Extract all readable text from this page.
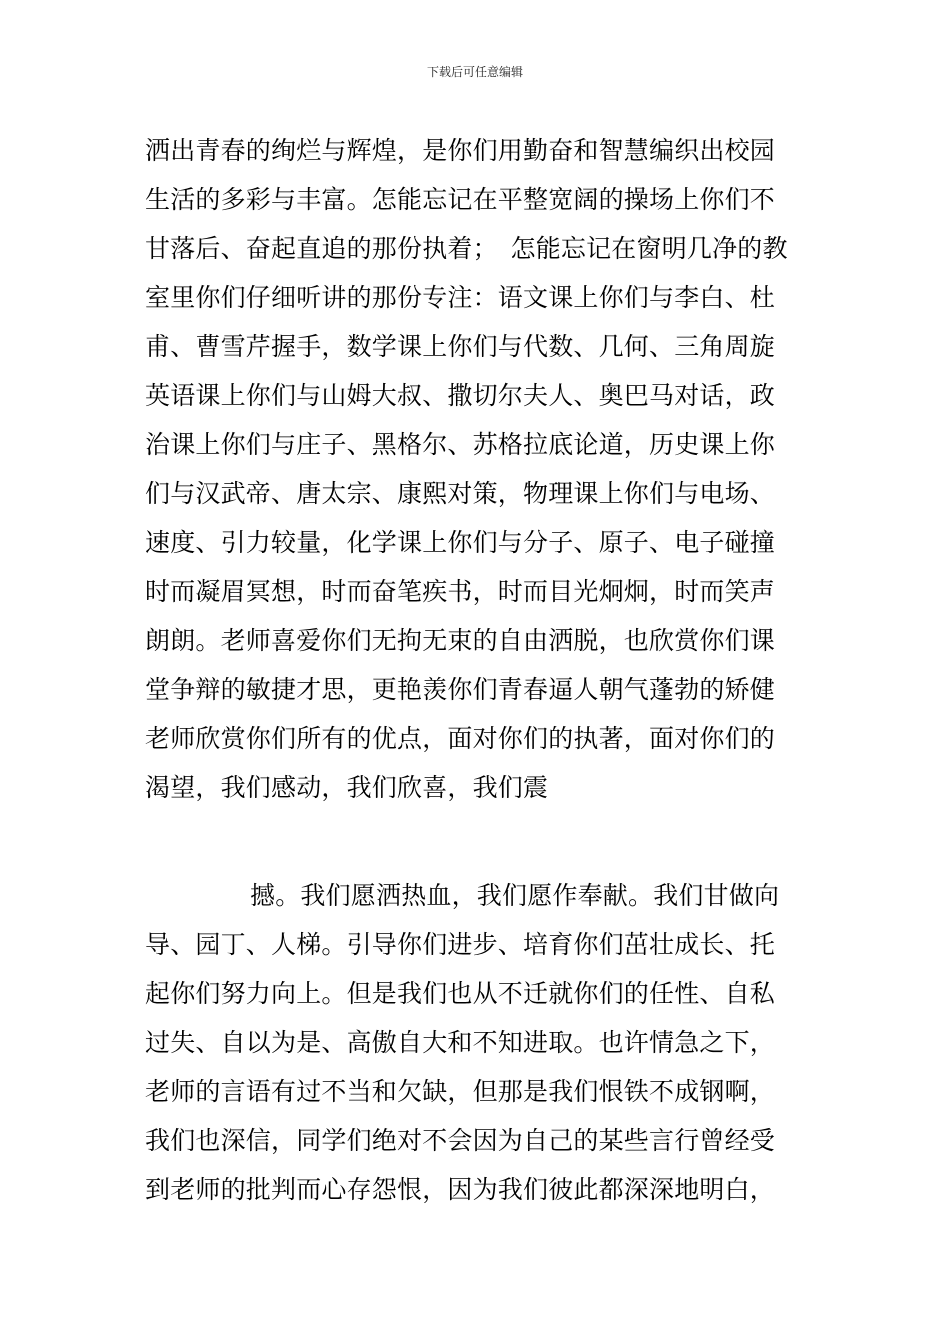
下载后可任意编辑
洒出青春的绚烂与辉煌，是你们用勤奋和智慧编织出校园
生活的多彩与丰富。怎能忘记在平整宽阔的操场上你们不
甘落后、奋起直追的那份执着；　怎能忘记在窗明几净的教
室里你们仔细听讲的那份专注：语文课上你们与李白、杜
甫、曹雪芹握手，数学课上你们与代数、几何、三角周旋
英语课上你们与山姆大叔、撒切尔夫人、奥巴马对话，政
治课上你们与庄子、黑格尔、苏格拉底论道，历史课上你
们与汉武帝、唐太宗、康熙对策，物理课上你们与电场、
速度、引力较量，化学课上你们与分子、原子、电子碰撞
时而凝眉冥想，时而奋笔疾书，时而目光炯炯，时而笑声
朗朗。老师喜爱你们无拘无束的自由洒脱，也欣赏你们课
堂争辩的敏捷才思，更艳羡你们青春逼人朝气蓬勃的矫健
老师欣赏你们所有的优点，面对你们的执著，面对你们的
渴望，我们感动，我们欣喜，我们震
撼。我们愿洒热血，我们愿作奉献。我们甘做向
导、园丁、人梯。引导你们进步、培育你们茁壮成长、托
起你们努力向上。但是我们也从不迁就你们的任性、自私
过失、自以为是、高傲自大和不知进取。也许情急之下，
老师的言语有过不当和欠缺，但那是我们恨铁不成钢啊，
我们也深信，同学们绝对不会因为自己的某些言行曾经受
到老师的批判而心存怨恨，因为我们彼此都深深地明白，
